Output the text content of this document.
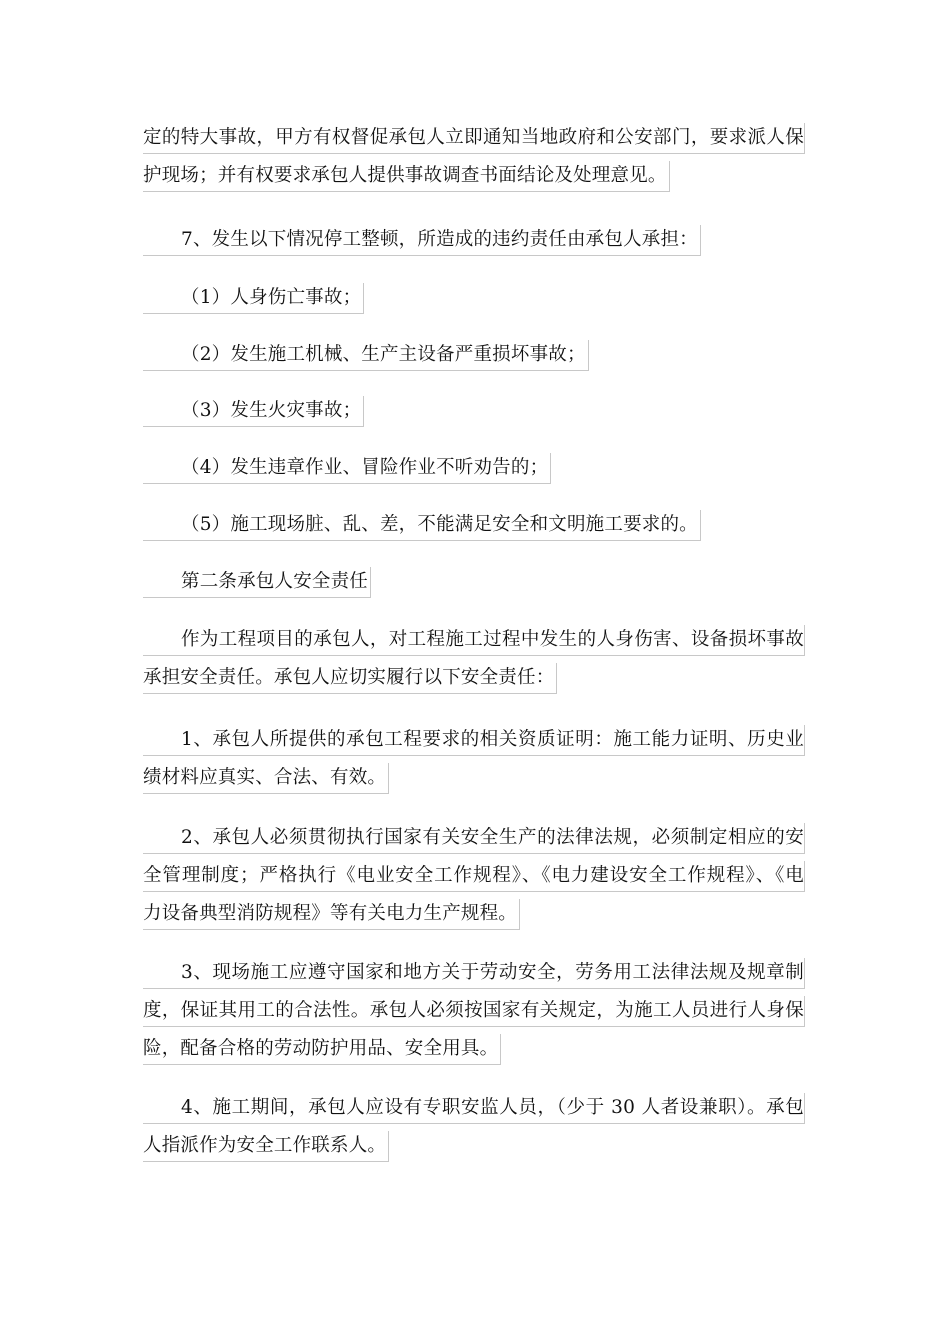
定的特大事故，甲方有权督促承包人立即通知当地政府和公安部门，要求派人保
护现场；并有权要求承包人提供事故调查书面结论及处理意见。
7、发生以下情况停工整顿，所造成的违约责任由承包人承担：
（1）人身伤亡事故；
（2）发生施工机械、生产主设备严重损坏事故；
（3）发生火灾事故；
（4）发生违章作业、冒险作业不听劝告的；
（5）施工现场脏、乱、差，不能满足安全和文明施工要求的。
第二条承包人安全责任
作为工程项目的承包人，对工程施工过程中发生的人身伤害、设备损坏事故
承担安全责任。承包人应切实履行以下安全责任：
1、承包人所提供的承包工程要求的相关资质证明：施工能力证明、历史业
绩材料应真实、合法、有效。
2、承包人必须贯彻执行国家有关安全生产的法律法规，必须制定相应的安
全管理制度；严格执行《电业安全工作规程》、《电力建设安全工作规程》、《电
力设备典型消防规程》等有关电力生产规程。
3、现场施工应遵守国家和地方关于劳动安全，劳务用工法律法规及规章制
度，保证其用工的合法性。承包人必须按国家有关规定，为施工人员进行人身保
险，配备合格的劳动防护用品、安全用具。
4、施工期间，承包人应设有专职安监人员，（少于 30 人者设兼职）。承包
人指派作为安全工作联系人。
